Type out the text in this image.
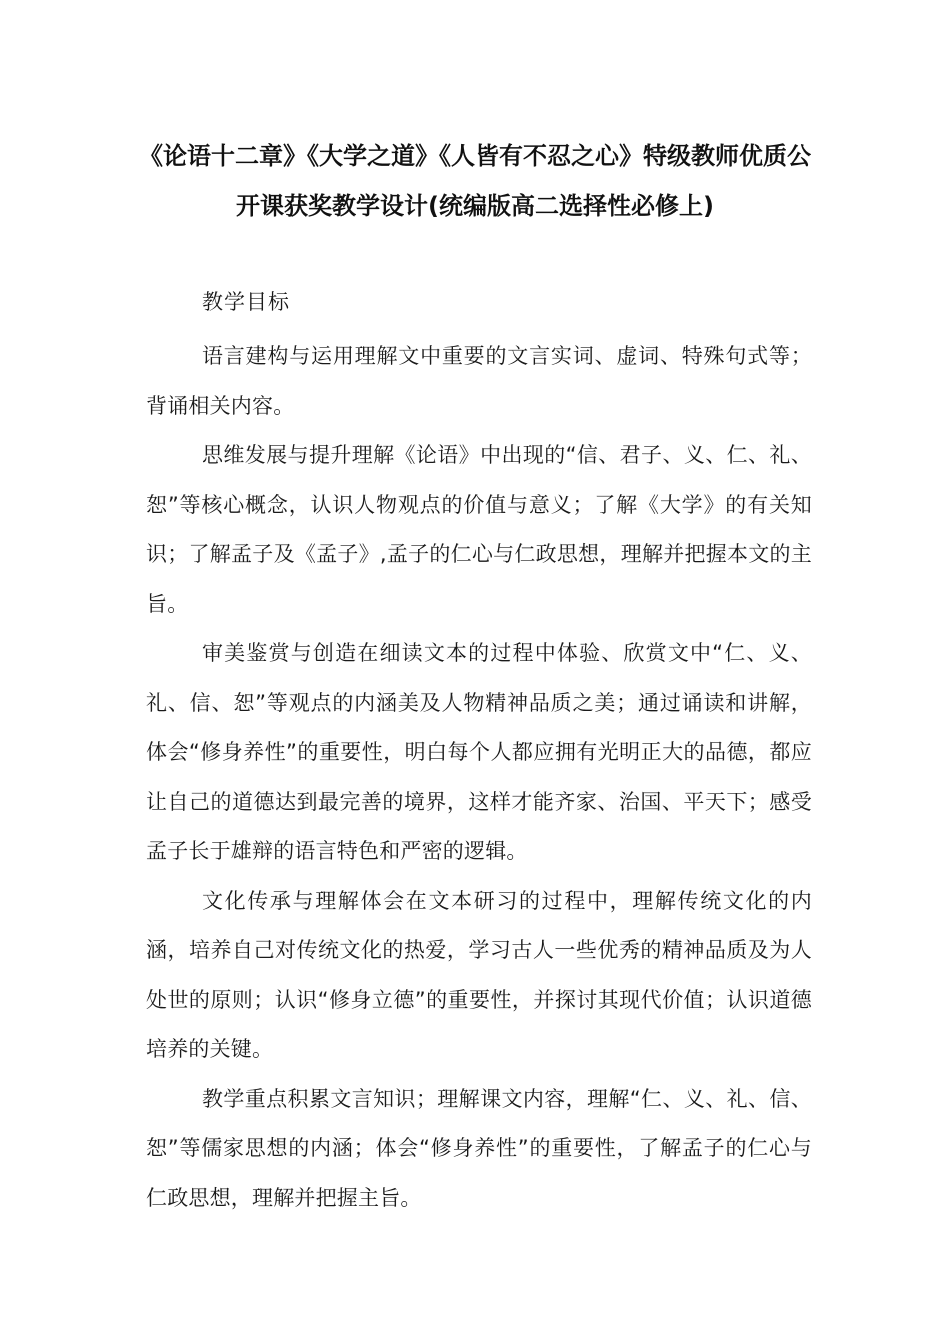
《论语十二章》《大学之道》《人皆有不忍之心》特级教师优质公
开课获奖教学设计(统编版高二选择性必修上)
教学目标

语言建构与运用理解文中重要的文言实词、虚词、特殊句式等；背诵相关内容。

思维发展与提升理解《论语》中出现的“信、君子、义、仁、礼、恕”等核心概念，认识人物观点的价值与意义；了解《大学》的有关知识；了解孟子及《孟子》,孟子的仁心与仁政思想，理解并把握本文的主旨。

审美鉴赏与创造在细读文本的过程中体验、欣赏文中“仁、义、礼、信、恕”等观点的内涵美及人物精神品质之美；通过诵读和讲解，体会“修身养性”的重要性，明白每个人都应拥有光明正大的品德，都应让自己的道德达到最完善的境界，这样才能齐家、治国、平天下；感受孟子长于雄辩的语言特色和严密的逻辑。

文化传承与理解体会在文本研习的过程中，理解传统文化的内涵，培养自己对传统文化的热爱，学习古人一些优秀的精神品质及为人处世的原则；认识“修身立德”的重要性，并探讨其现代价值；认识道德培养的关键。

教学重点积累文言知识；理解课文内容，理解“仁、义、礼、信、恕”等儒家思想的内涵；体会“修身养性”的重要性，了解孟子的仁心与仁政思想，理解并把握主旨。
